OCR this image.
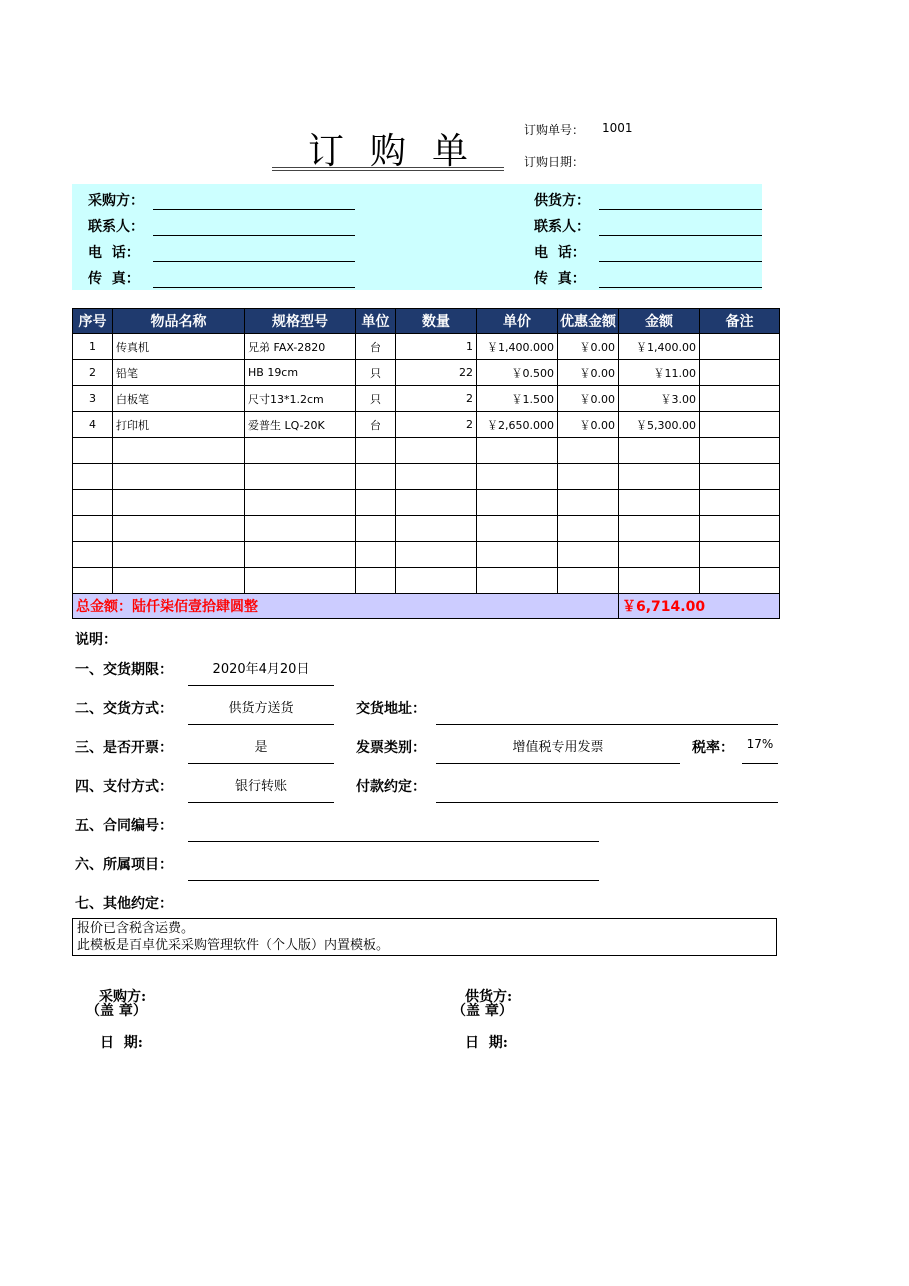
订购单
订购单号： 1001
订购日期：
采购方：
联系人：
电  话：
传  真：
供货方：
联系人：
电  话：
传  真：
序号	物品名称	规格型号	单位	数量	单价	优惠金额	金额	备注
1	传真机	兄弟 FAX-2820	台	1	￥1,400.000	￥0.00	￥1,400.00	
2	铅笔	HB 19cm	只	22	￥0.500	￥0.00	￥11.00	
3	白板笔	尺寸13*1.2cm	只	2	￥1.500	￥0.00	￥3.00	
4	打印机	爱普生 LQ-20K	台	2	￥2,650.000	￥0.00	￥5,300.00	

总金额：陆仟柒佰壹拾肆圆整							￥6,714.00	
说明：
一、交货期限：	2020年4月20日
二、交货方式：	供货方送货	交货地址：
三、是否开票：	是	发票类别：	增值税专用发票	税率：	17%
四、支付方式：	银行转账	付款约定：
五、合同编号：
六、所属项目：
七、其他约定：
报价已含税含运费。
此模板是百卓优采采购管理软件（个人版）内置模板。
采购方:
（盖 章）
日  期:
供货方:
（盖 章）
日  期:
